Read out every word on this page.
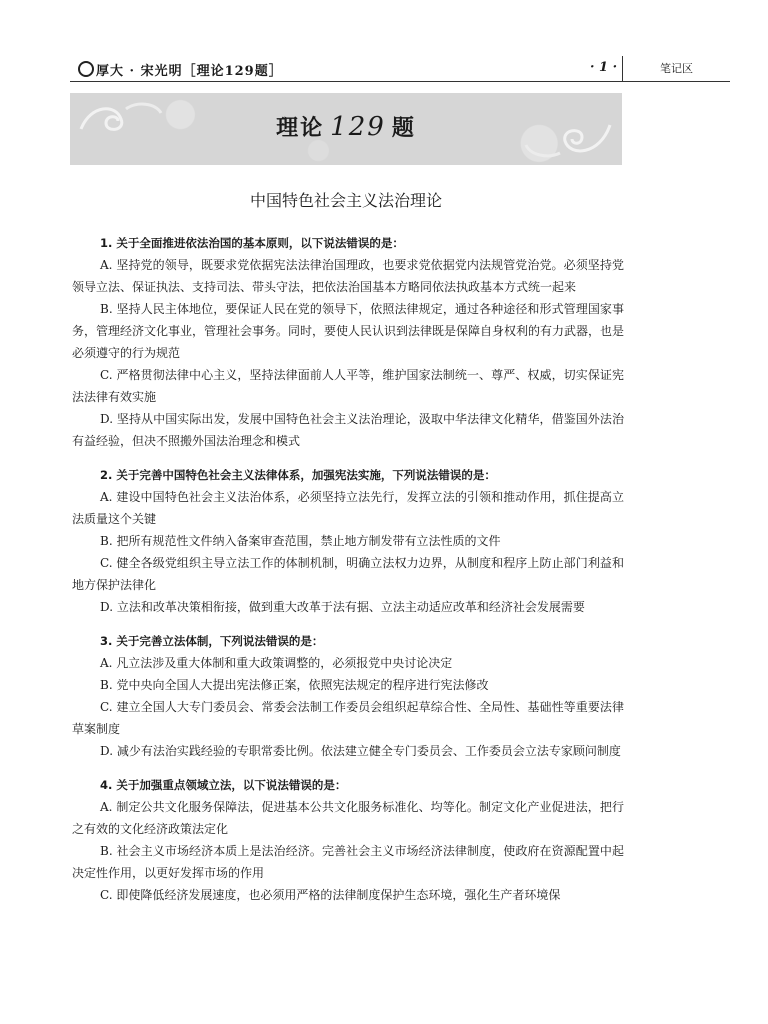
厚大 · 宋光明［理论129题］	· 1 ·	笔记区
理论 129 题
中国特色社会主义法治理论
1. 关于全面推进依法治国的基本原则，以下说法错误的是：
A. 坚持党的领导，既要求党依据宪法法律治国理政，也要求党依据党内法规管党治党。必须坚持党领导立法、保证执法、支持司法、带头守法，把依法治国基本方略同依法执政基本方式统一起来
B. 坚持人民主体地位，要保证人民在党的领导下，依照法律规定，通过各种途径和形式管理国家事务，管理经济文化事业，管理社会事务。同时，要使人民认识到法律既是保障自身权利的有力武器，也是必须遵守的行为规范
C. 严格贯彻法律中心主义，坚持法律面前人人平等，维护国家法制统一、尊严、权威，切实保证宪法法律有效实施
D. 坚持从中国实际出发，发展中国特色社会主义法治理论，汲取中华法律文化精华，借鉴国外法治有益经验，但决不照搬外国法治理念和模式
2. 关于完善中国特色社会主义法律体系，加强宪法实施，下列说法错误的是：
A. 建设中国特色社会主义法治体系，必须坚持立法先行，发挥立法的引领和推动作用，抓住提高立法质量这个关键
B. 把所有规范性文件纳入备案审查范围，禁止地方制发带有立法性质的文件
C. 健全各级党组织主导立法工作的体制机制，明确立法权力边界，从制度和程序上防止部门利益和地方保护法律化
D. 立法和改革决策相衔接，做到重大改革于法有据、立法主动适应改革和经济社会发展需要
3. 关于完善立法体制，下列说法错误的是：
A. 凡立法涉及重大体制和重大政策调整的，必须报党中央讨论决定
B. 党中央向全国人大提出宪法修正案，依照宪法规定的程序进行宪法修改
C. 建立全国人大专门委员会、常委会法制工作委员会组织起草综合性、全局性、基础性等重要法律草案制度
D. 减少有法治实践经验的专职常委比例。依法建立健全专门委员会、工作委员会立法专家顾问制度
4. 关于加强重点领域立法，以下说法错误的是：
A. 制定公共文化服务保障法，促进基本公共文化服务标准化、均等化。制定文化产业促进法，把行之有效的文化经济政策法定化
B. 社会主义市场经济本质上是法治经济。完善社会主义市场经济法律制度，使政府在资源配置中起决定性作用，以更好发挥市场的作用
C. 即使降低经济发展速度，也必须用严格的法律制度保护生态环境，强化生产者环境保
